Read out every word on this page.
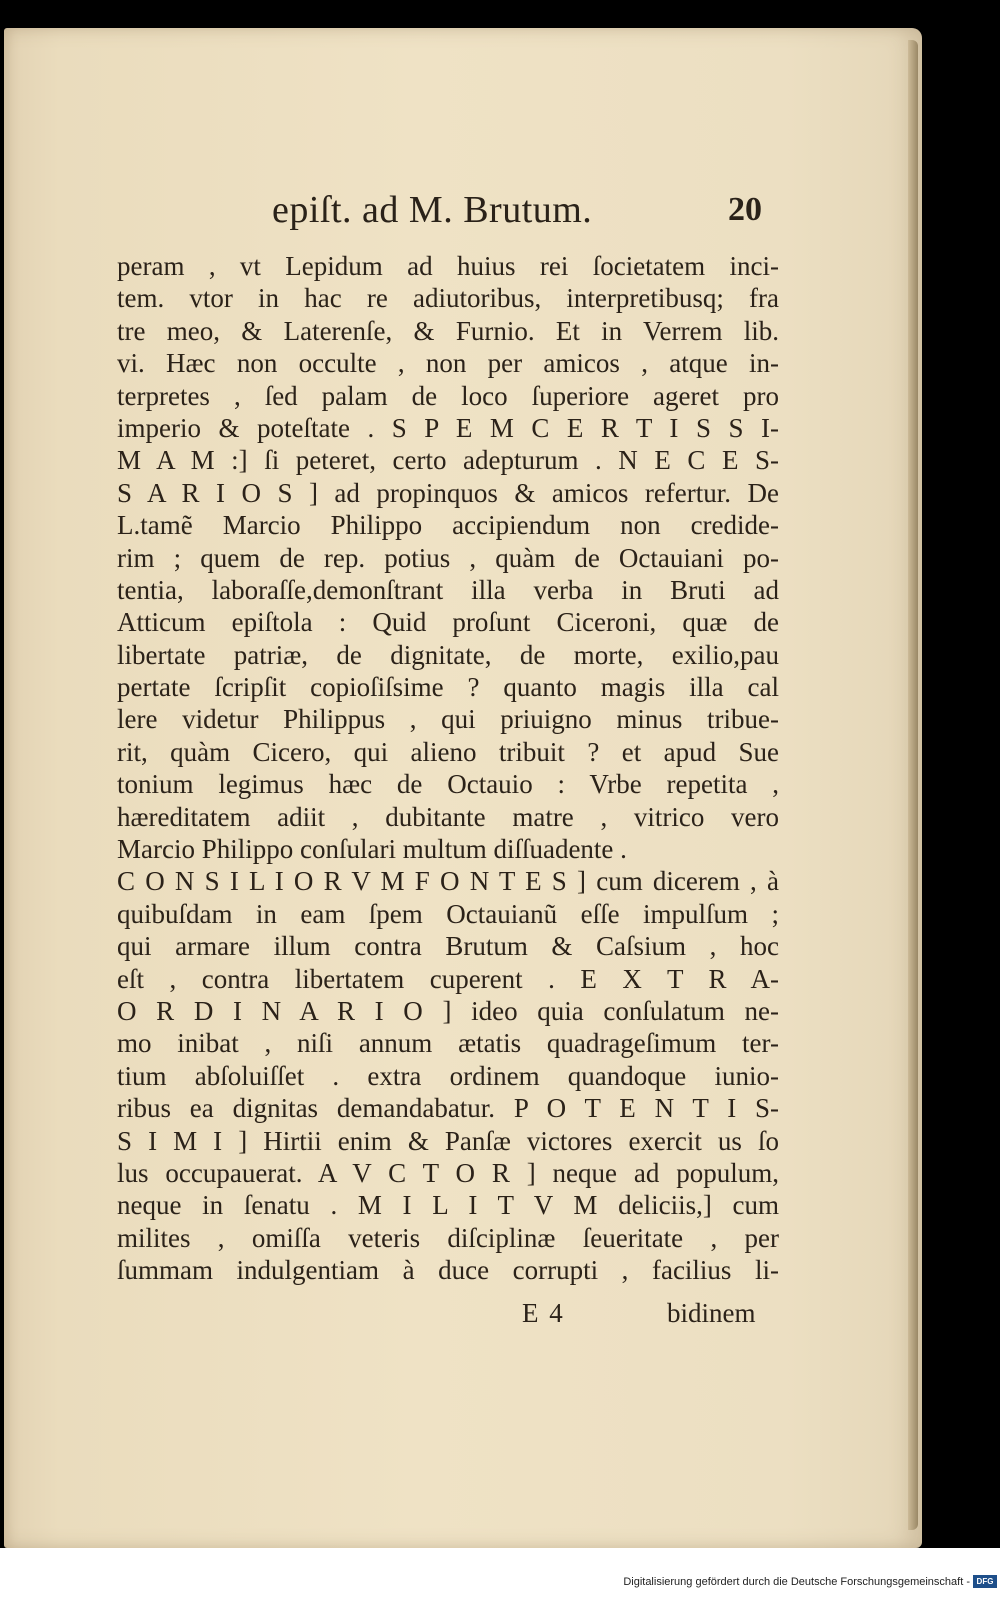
epiſt. ad M. Brutum.	20
peram , vt Lepidum ad huius rei ſocietatem inci-
tem. vtor in hac re adiutoribus, interpretibusq; fra
tre meo, & Laterenſe, & Furnio. Et in Verrem lib.
vi. Hæc non occulte , non per amicos , atque in-
terpretes , ſed palam de loco ſuperiore ageret pro
imperio & poteſtate . S P E M C E R T I S S I-
M A M :] ſi peteret, certo adepturum . N E C E S-
S A R I O S ] ad propinquos & amicos refertur. De
L.tamẽ Marcio Philippo accipiendum non credide-
rim ; quem de rep. potius , quàm de Octauiani po-
tentia, laboraſſe,demonſtrant illa verba in Bruti ad
Atticum epiſtola : Quid proſunt Ciceroni, quæ de
libertate patriæ, de dignitate, de morte, exilio,pau
pertate ſcripſit copioſiſsime ? quanto magis illa cal
lere videtur Philippus , qui priuigno minus tribue-
rit, quàm Cicero, qui alieno tribuit ? et apud Sue
tonium legimus hæc de Octauio : Vrbe repetita ,
hæreditatem adiit , dubitante matre , vitrico vero
Marcio Philippo conſulari multum diſſuadente .
C O N S I L I O R V M F O N T E S ] cum dicerem , à
quibuſdam in eam ſpem Octauianũ eſſe impulſum ;
qui armare illum contra Brutum & Caſsium , hoc
eſt , contra libertatem cuperent . E X T R A-
O R D I N A R I O ] ideo quia conſulatum ne-
mo inibat , niſi annum ætatis quadrageſimum ter-
tium abſoluiſſet . extra ordinem quandoque iunio-
ribus ea dignitas demandabatur. P O T E N T I S-
S I M I ] Hirtii enim & Panſæ victores exercit us ſo
lus occupauerat. A V C T O R ] neque ad populum,
neque in ſenatu . M I L I T V M deliciis,] cum
milites , omiſſa veteris diſciplinæ ſeueritate , per
ſummam indulgentiam à duce corrupti , facilius li-
E 4	bidinem
Digitalisierung gefördert durch die Deutsche Forschungsgemeinschaft - DFG
